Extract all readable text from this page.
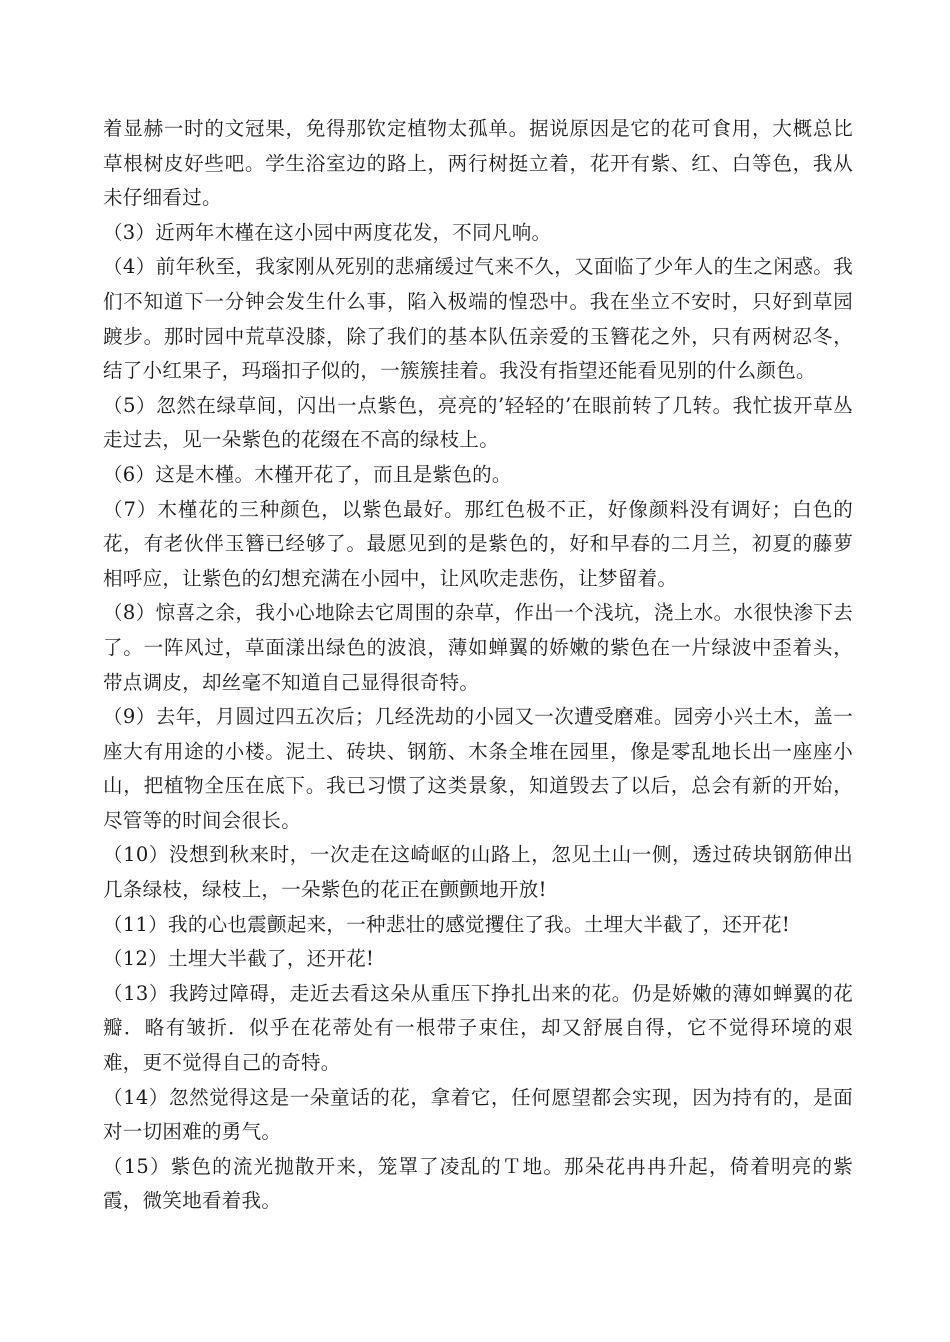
着显赫一时的文冠果，免得那钦定植物太孤单。据说原因是它的花可食用，大概总比草根树皮好些吧。学生浴室边的路上，两行树挺立着，花开有紫、红、白等色，我从未仔细看过。

（3）近两年木槿在这小园中两度花发，不同凡响。

（4）前年秋至，我家刚从死别的悲痛缓过气来不久，又面临了少年人的生之闲惑。我们不知道下一分钟会发生什么事，陷入极端的惶恐中。我在坐立不安时，只好到草园踱步。那时园中荒草没膝，除了我们的基本队伍亲爱的玉簪花之外，只有两树忍冬，结了小红果子，玛瑙扣子似的，一簇簇挂着。我没有指望还能看见别的什么颜色。

（5）忽然在绿草间，闪出一点紫色，亮亮的’轻轻的’在眼前转了几转。我忙拔开草丛走过去，见一朵紫色的花缀在不高的绿枝上。

（6）这是木槿。木槿开花了，而且是紫色的。

（7）木槿花的三种颜色，以紫色最好。那红色极不正，好像颜料没有调好；白色的花，有老伙伴玉簪已经够了。最愿见到的是紫色的，好和早春的二月兰，初夏的藤萝相呼应，让紫色的幻想充满在小园中，让风吹走悲伤，让梦留着。

（8）惊喜之余，我小心地除去它周围的杂草，作出一个浅坑，浇上水。水很快渗下去了。一阵风过，草面漾出绿色的波浪，薄如蝉翼的娇嫩的紫色在一片绿波中歪着头，带点调皮，却丝毫不知道自己显得很奇特。

（9）去年，月圆过四五次后；几经洗劫的小园又一次遭受磨难。园旁小兴土木，盖一座大有用途的小楼。泥土、砖块、钢筋、木条全堆在园里，像是零乱地长出一座座小山，把植物全压在底下。我已习惯了这类景象，知道毁去了以后，总会有新的开始，尽管等的时间会很长。

（10）没想到秋来时，一次走在这崎岖的山路上，忽见土山一侧，透过砖块钢筋伸出几条绿枝，绿枝上，一朵紫色的花正在颤颤地开放!

（11）我的心也震颤起来，一种悲壮的感觉攫住了我。土埋大半截了，还开花!

（12）土埋大半截了，还开花!

（13）我跨过障碍，走近去看这朵从重压下挣扎出来的花。仍是娇嫩的薄如蝉翼的花瓣．略有皱折．似乎在花蒂处有一根带子束住，却又舒展自得，它不觉得环境的艰难，更不觉得自己的奇特。

（14）忽然觉得这是一朵童话的花，拿着它，任何愿望都会实现，因为持有的，是面对一切困难的勇气。

（15）紫色的流光抛散开来，笼罩了凌乱的Ｔ地。那朵花冉冉升起，倚着明亮的紫霞，微笑地看着我。
